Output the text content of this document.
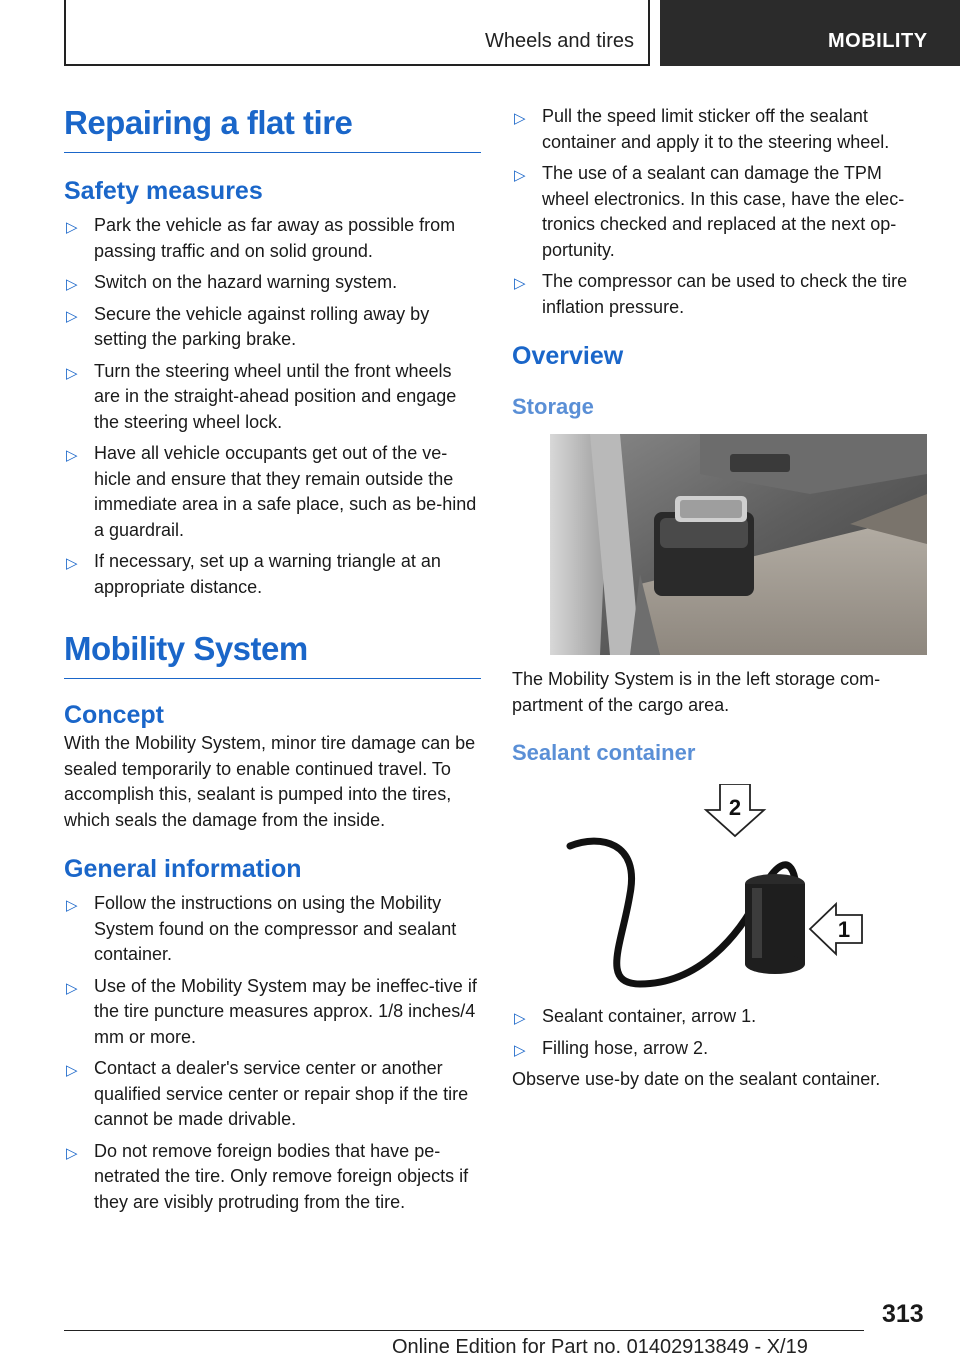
Wheels and tires	MOBILITY
Repairing a flat tire
Safety measures
▷ Park the vehicle as far away as possible from passing traffic and on solid ground.
▷ Switch on the hazard warning system.
▷ Secure the vehicle against rolling away by setting the parking brake.
▷ Turn the steering wheel until the front wheels are in the straight-ahead position and engage the steering wheel lock.
▷ Have all vehicle occupants get out of the ve‐hicle and ensure that they remain outside the immediate area in a safe place, such as be‐hind a guardrail.
▷ If necessary, set up a warning triangle at an appropriate distance.
Mobility System
Concept

With the Mobility System, minor tire damage can be sealed temporarily to enable continued travel. To accomplish this, sealant is pumped into the tires, which seals the damage from the inside.

General information
▷ Follow the instructions on using the Mobility System found on the compressor and sealant container.
▷ Use of the Mobility System may be ineffec‐tive if the tire puncture measures approx. 1/8 inches/4 mm or more.
▷ Contact a dealer's service center or another qualified service center or repair shop if the tire cannot be made drivable.
▷ Do not remove foreign bodies that have pe‐netrated the tire. Only remove foreign objects if they are visibly protruding from the tire.
▷ Pull the speed limit sticker off the sealant container and apply it to the steering wheel.
▷ The use of a sealant can damage the TPM wheel electronics. In this case, have the elec‐tronics checked and replaced at the next op‐portunity.
▷ The compressor can be used to check the tire inflation pressure.
Overview
Storage

The Mobility System is in the left storage com‐partment of the cargo area.

Sealant container
2
1
▷ Sealant container, arrow 1.
▷ Filling hose, arrow 2.

Observe use-by date on the sealant container.

313
Online Edition for Part no. 01402913849 - X/19
